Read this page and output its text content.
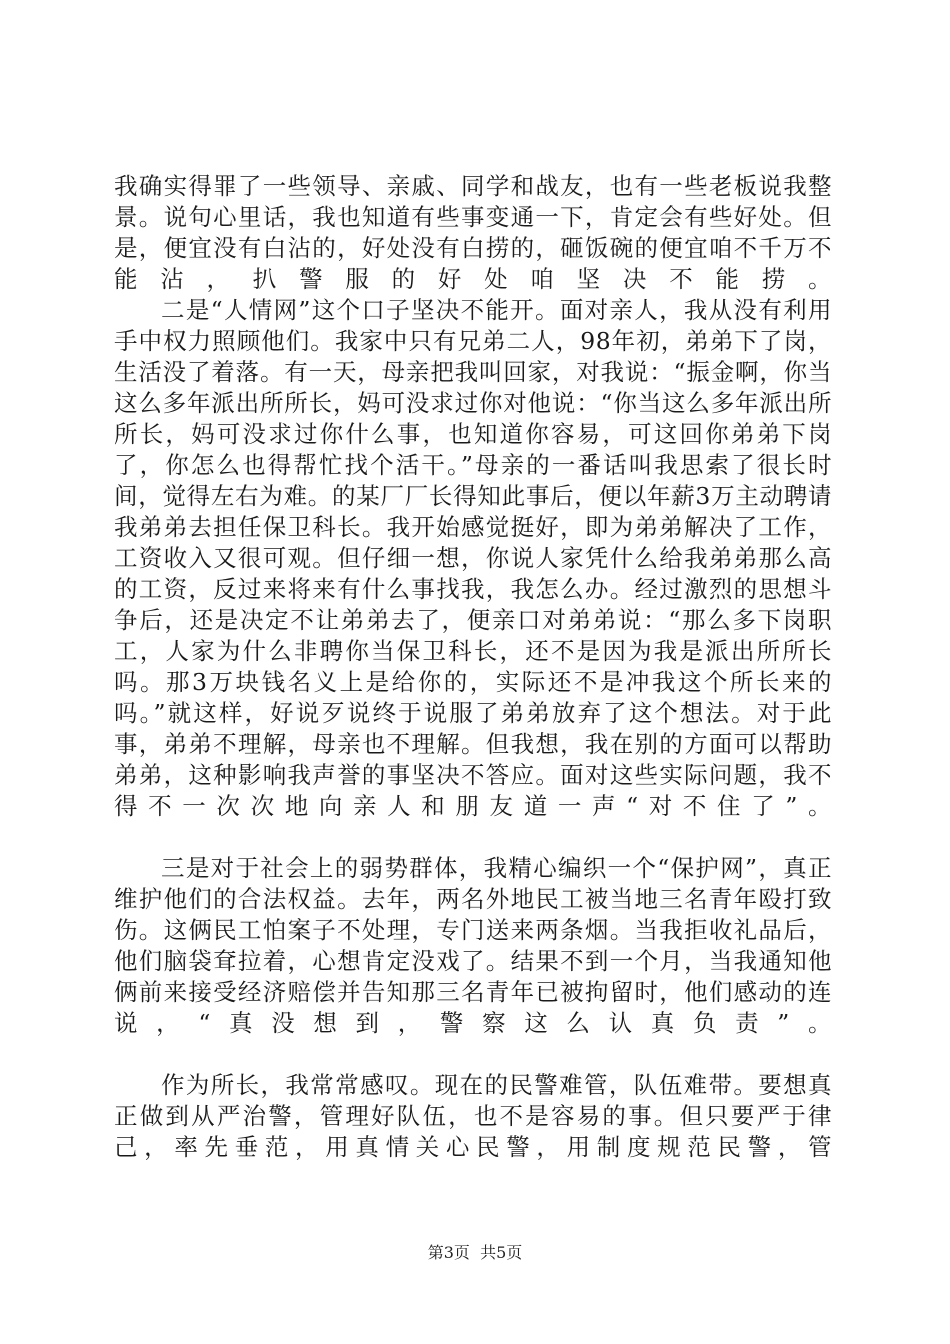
我确实得罪了一些领导、亲戚、同学和战友，也有一些老板说我整景。说句心里话，我也知道有些事变通一下，肯定会有些好处。但是，便宜没有白沾的，好处没有白捞的，砸饭碗的便宜咱不千万不能沾，扒警服的好处咱坚决不能捞。

二是“人情网”这个口子坚决不能开。面对亲人，我从没有利用手中权力照顾他们。我家中只有兄弟二人，98年初，弟弟下了岗，生活没了着落。有一天，母亲把我叫回家，对我说：“振金啊，你当这么多年派出所所长，妈可没求过你对他说：“你当这么多年派出所所长，妈可没求过你什么事，也知道你容易，可这回你弟弟下岗了，你怎么也得帮忙找个活干。”母亲的一番话叫我思索了很长时间，觉得左右为难。的某厂厂长得知此事后，便以年薪3万主动聘请我弟弟去担任保卫科长。我开始感觉挺好，即为弟弟解决了工作，工资收入又很可观。但仔细一想，你说人家凭什么给我弟弟那么高的工资，反过来将来有什么事找我，我怎么办。经过激烈的思想斗争后，还是决定不让弟弟去了，便亲口对弟弟说：“那么多下岗职工，人家为什么非聘你当保卫科长，还不是因为我是派出所所长吗。那3万块钱名义上是给你的，实际还不是冲我这个所长来的吗。”就这样，好说歹说终于说服了弟弟放弃了这个想法。对于此事，弟弟不理解，母亲也不理解。但我想，我在别的方面可以帮助弟弟，这种影响我声誉的事坚决不答应。面对这些实际问题，我不得不一次次地向亲人和朋友道一声“对不住了”。

三是对于社会上的弱势群体，我精心编织一个“保护网”，真正维护他们的合法权益。去年，两名外地民工被当地三名青年殴打致伤。这俩民工怕案子不处理，专门送来两条烟。当我拒收礼品后，他们脑袋耷拉着，心想肯定没戏了。结果不到一个月，当我通知他俩前来接受经济赔偿并告知那三名青年已被拘留时，他们感动的连说，“真没想到，警察这么认真负责”。

作为所长，我常常感叹。现在的民警难管，队伍难带。要想真正做到从严治警，管理好队伍，也不是容易的事。但只要严于律己，率先垂范，用真情关心民警，用制度规范民警，管

第3页  共5页
